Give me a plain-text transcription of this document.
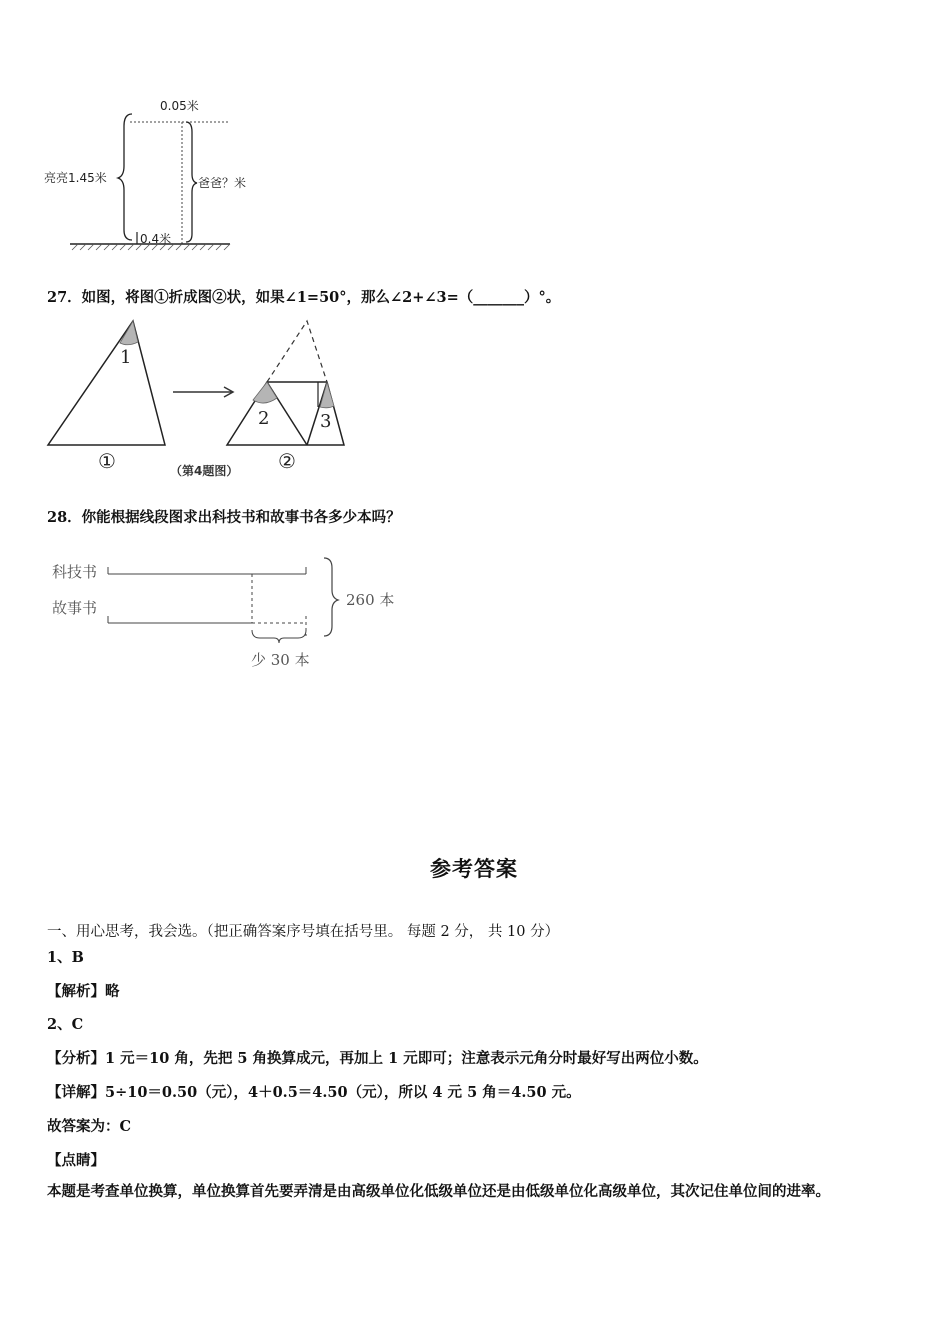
0.05米
亮亮1.45米	爸爸？米
0.4米
27．如图，将图①折成图②状，如果∠1=50°，那么∠2+∠3=（_______）°。
1
2	3
①	（第4题图） ②
28．你能根据线段图求出科技书和故事书各多少本吗？
科技书
故事书
少 30 本
260 本
参考答案
一、用心思考，我会选。（把正确答案序号填在括号里。 每题 2 分， 共 10 分）
1、B
【解析】略
2、C
【分析】1 元＝10 角，先把 5 角换算成元，再加上 1 元即可；注意表示元角分时最好写出两位小数。
【详解】5÷10＝0.50（元），4＋0.5＝4.50（元），所以 4 元 5 角＝4.50 元。
故答案为：C
【点睛】
本题是考查单位换算，单位换算首先要弄清是由高级单位化低级单位还是由低级单位化高级单位，其次记住单位间的进率。
